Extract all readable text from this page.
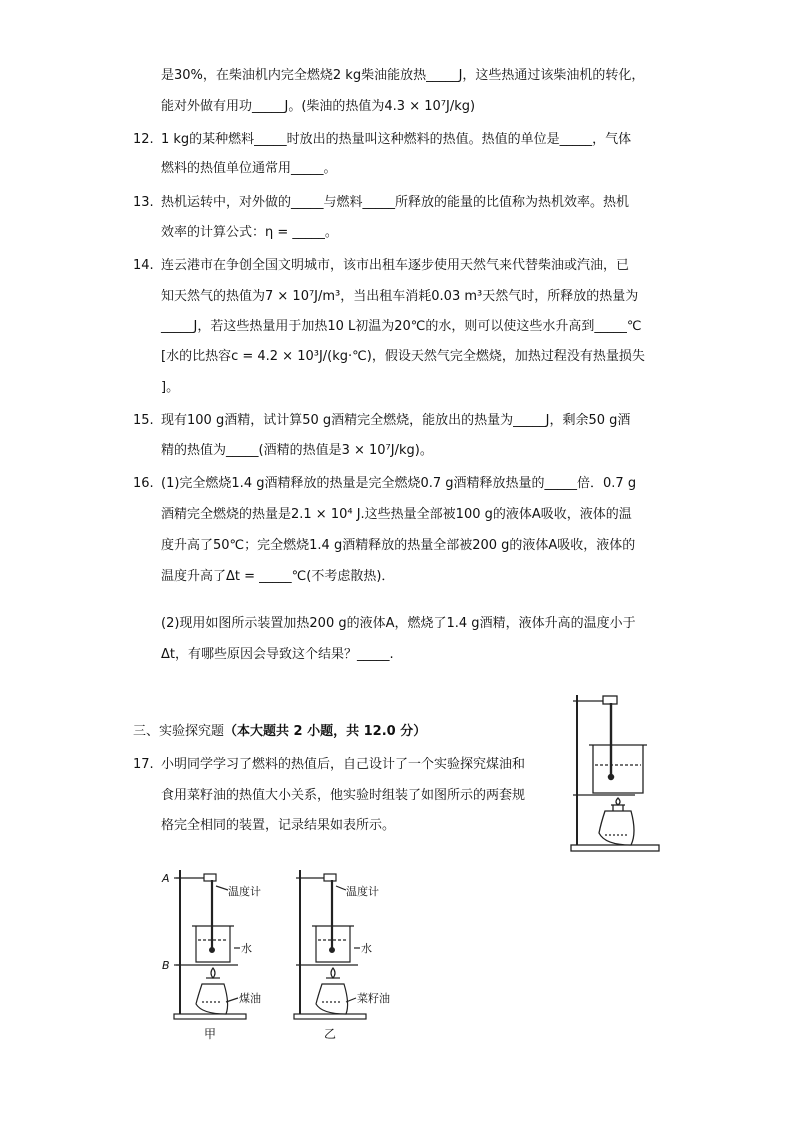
是30%，在柴油机内完全燃烧2 kg柴油能放热_____J，这些热通过该柴油机的转化，
能对外做有用功_____J。(柴油的热值为4.3 × 10⁷J/kg)
12. 1 kg的某种燃料_____时放出的热量叫这种燃料的热值。热值的单位是_____，气体
燃料的热值单位通常用_____。
13. 热机运转中，对外做的_____与燃料_____所释放的能量的比值称为热机效率。热机
效率的计算公式：η = _____。
14. 连云港市在争创全国文明城市，该市出租车逐步使用天然气来代替柴油或汽油，已
知天然气的热值为7 × 10⁷J/m³，当出租车消耗0.03 m³天然气时，所释放的热量为
_____J，若这些热量用于加热10 L初温为20℃的水，则可以使这些水升高到_____℃
[水的比热容c = 4.2 × 10³J/(kg·℃)，假设天然气完全燃烧，加热过程没有热量损失
]。
15. 现有100 g酒精，试计算50 g酒精完全燃烧，能放出的热量为_____J，剩余50 g酒
精的热值为_____(酒精的热值是3 × 10⁷J/kg)。
16. (1)完全燃烧1.4 g酒精释放的热量是完全燃烧0.7 g酒精释放热量的_____倍．0.7 g
酒精完全燃烧的热量是2.1 × 10⁴ J.这些热量全部被100 g的液体A吸收，液体的温
度升高了50℃；完全燃烧1.4 g酒精释放的热量全部被200 g的液体A吸收，液体的
温度升高了Δt = _____℃(不考虑散热)．
(2)现用如图所示装置加热200 g的液体A，燃烧了1.4 g酒精，液体升高的温度小于
Δt，有哪些原因会导致这个结果？_____.
三、实验探究题（本大题共 2 小题，共 12.0 分）
17. 小明同学学习了燃料的热值后，自己设计了一个实验探究煤油和
食用菜籽油的热值大小关系，他实验时组装了如图所示的两套规
格完全相同的装置，记录结果如表所示。
A
B
温度计
水
煤油
温度计
水
菜籽油
甲	乙
